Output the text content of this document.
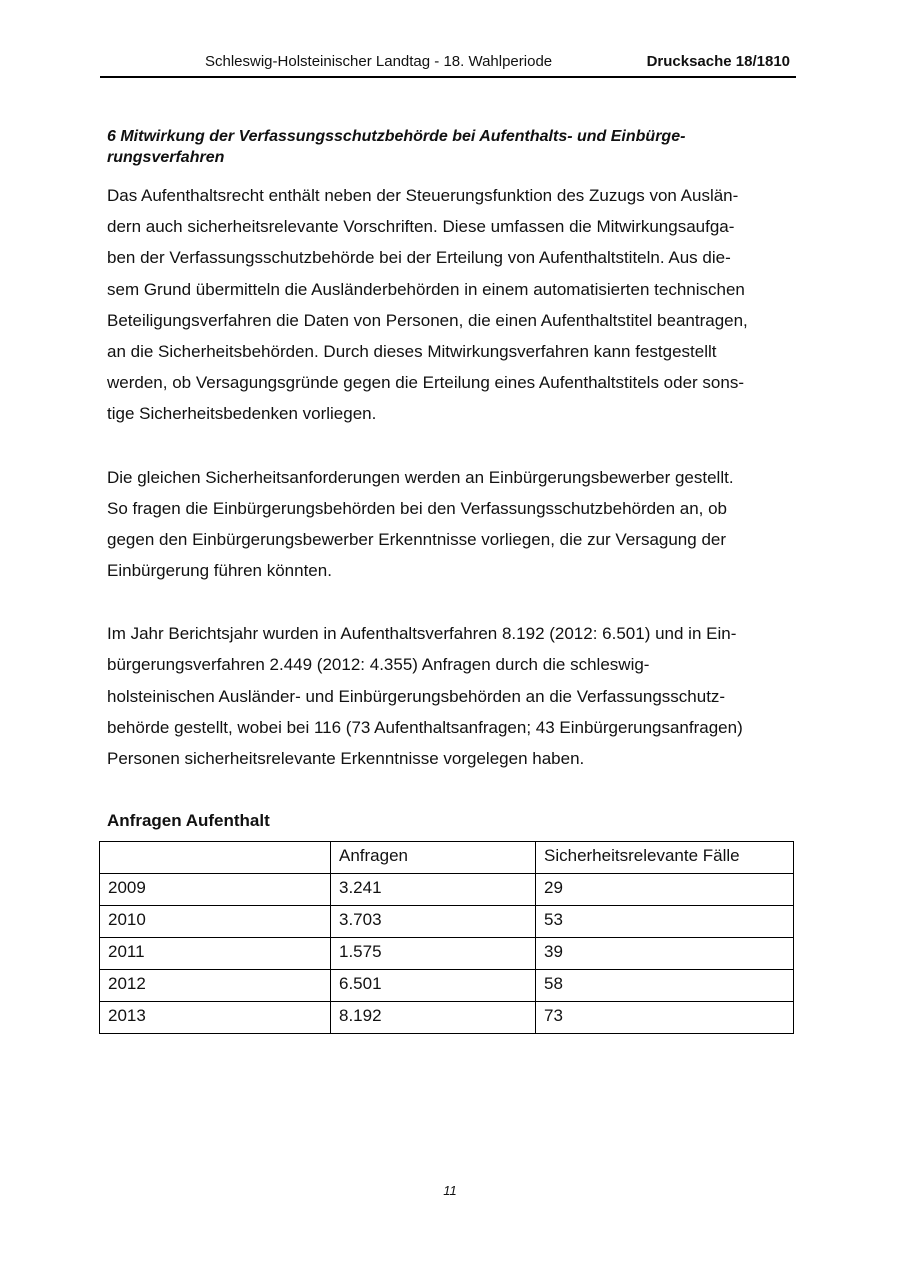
Schleswig-Holsteinischer Landtag - 18. Wahlperiode	Drucksache 18/1810
6 Mitwirkung der Verfassungsschutzbehörde bei Aufenthalts- und Einbürge-
rungsverfahren
Das Aufenthaltsrecht enthält neben der Steuerungsfunktion des Zuzugs von Auslän-
dern auch sicherheitsrelevante Vorschriften. Diese umfassen die Mitwirkungsaufga-
ben der Verfassungsschutzbehörde bei der Erteilung von Aufenthaltstiteln. Aus die-
sem Grund übermitteln die Ausländerbehörden in einem automatisierten technischen
Beteiligungsverfahren die Daten von Personen, die einen Aufenthaltstitel beantragen,
an die Sicherheitsbehörden. Durch dieses Mitwirkungsverfahren kann festgestellt
werden, ob Versagungsgründe gegen die Erteilung eines Aufenthaltstitels oder sons-
tige Sicherheitsbedenken vorliegen.
Die gleichen Sicherheitsanforderungen werden an Einbürgerungsbewerber gestellt.
So fragen die Einbürgerungsbehörden bei den Verfassungsschutzbehörden an, ob
gegen den Einbürgerungsbewerber Erkenntnisse vorliegen, die zur Versagung der
Einbürgerung führen könnten.
Im Jahr Berichtsjahr wurden in Aufenthaltsverfahren 8.192 (2012: 6.501) und in Ein-
bürgerungsverfahren 2.449 (2012: 4.355) Anfragen durch die schleswig-
holsteinischen Ausländer- und Einbürgerungsbehörden an die Verfassungsschutz-
behörde gestellt, wobei bei 116 (73 Aufenthaltsanfragen; 43 Einbürgerungsanfragen)
Personen sicherheitsrelevante Erkenntnisse vorgelegen haben.
Anfragen Aufenthalt
	Anfragen	Sicherheitsrelevante Fälle
2009	3.241	29
2010	3.703	53
2011	1.575	39
2012	6.501	58
2013	8.192	73
11
